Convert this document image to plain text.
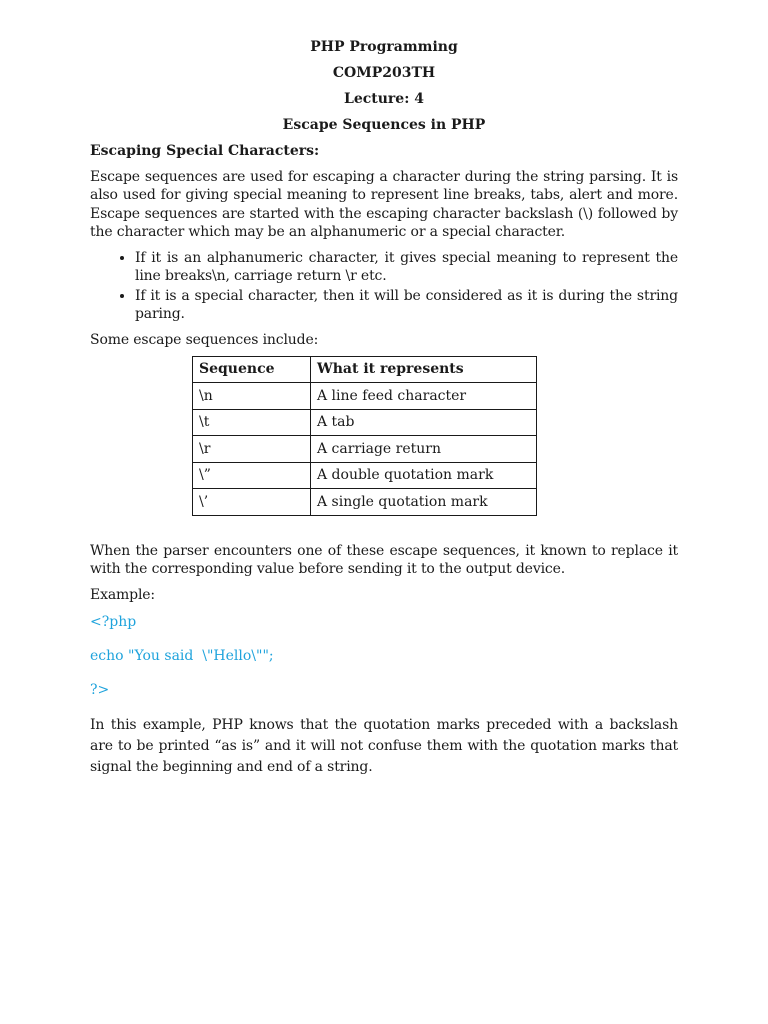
PHP Programming

COMP203TH

Lecture: 4

Escape Sequences in PHP

Escaping Special Characters:

Escape sequences are used for escaping a character during the string parsing. It is also used for giving special meaning to represent line breaks, tabs, alert and more. Escape sequences are started with the escaping character backslash (\) followed by the character which may be an alphanumeric or a special character.

• If it is an alphanumeric character, it gives special meaning to represent the line breaks\n, carriage return \r etc.
• If it is a special character, then it will be considered as it is during the string paring.

Some escape sequences include:

Sequence	What it represents
\n	A line feed character
\t	A tab
\r	A carriage return
\”	A double quotation mark
\’	A single quotation mark

When the parser encounters one of these escape sequences, it known to replace it with the corresponding value before sending it to the output device.

Example:

<?php
echo "You said  \"Hello\"";
?>

In this example, PHP knows that the quotation marks preceded with a backslash are to be printed “as is” and it will not confuse them with the quotation marks that signal the beginning and end of a string.
